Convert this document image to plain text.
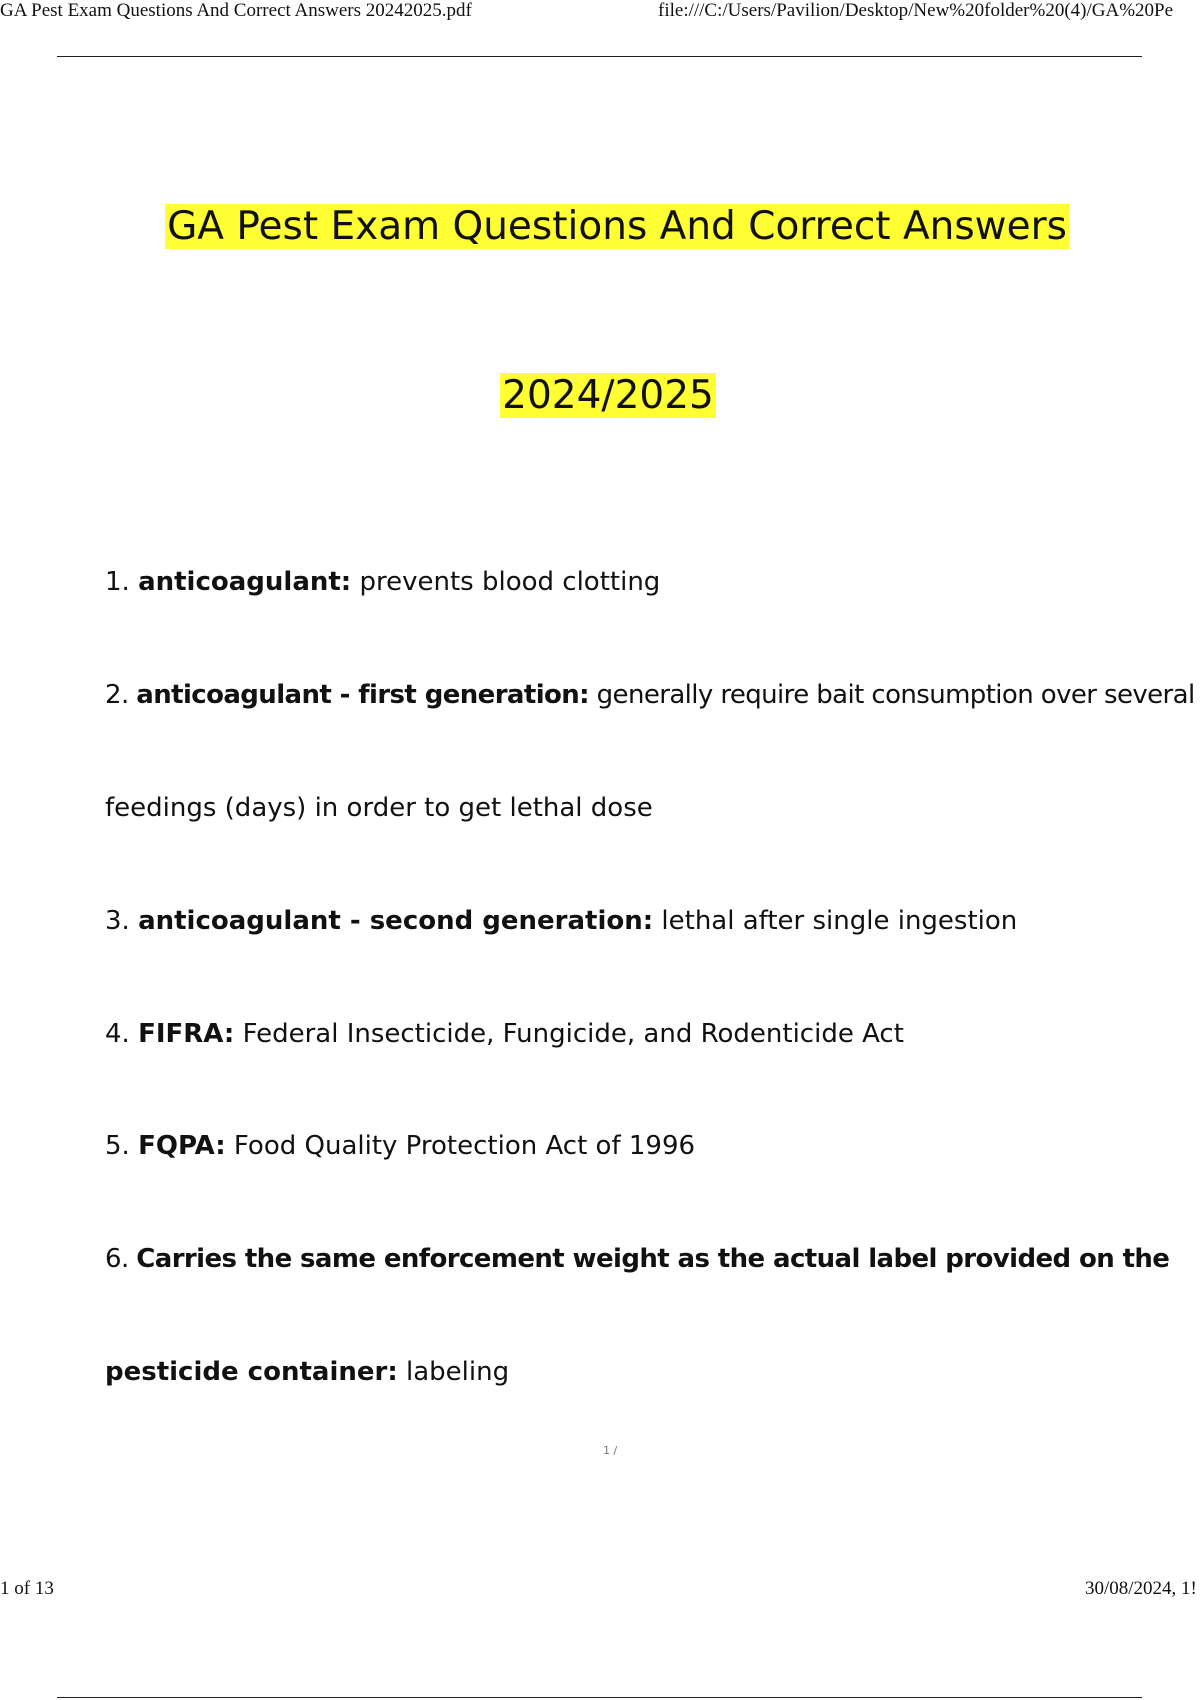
GA Pest Exam Questions And Correct Answers 20242025.pdf	file:///C:/Users/Pavilion/Desktop/New%20folder%20(4)/GA%20Pe
GA Pest Exam Questions And Correct Answers
2024/2025
1. anticoagulant: prevents blood clotting
2. anticoagulant - first generation: generally require bait consumption over several
feedings (days) in order to get lethal dose
3. anticoagulant - second generation: lethal after single ingestion
4. FIFRA: Federal Insecticide, Fungicide, and Rodenticide Act
5. FQPA: Food Quality Protection Act of 1996
6. Carries the same enforcement weight as the actual label provided on the
pesticide container: labeling
1 /
1 of 13	30/08/2024, 1!
